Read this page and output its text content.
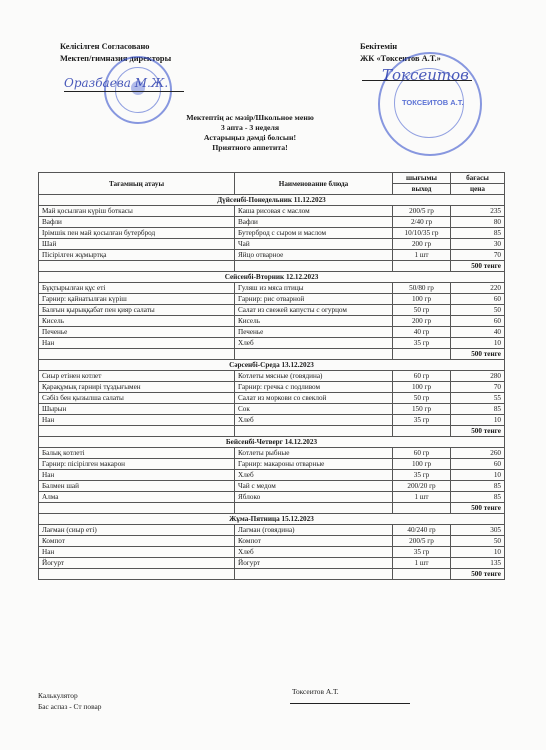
Келісілген Согласовано
Мектеп/гимназия директоры
Оразбаева М.Ж.
Бекітемін
ЖК «Токсеитов А.Т.»
ТОКСЕИТОВ А.Т.
Токсеитов
Мектептің ас мәзір/Школьное меню
3 апта - 3 неделя
Астарыңыз дәмді болсын!
Приятного аппетита!
Тағамның атауы	Наименование блюда	шығымы	бағасы
		выход	цена
Дүйсенбі-Понедельник 11.12.2023			
Май қосылған күріш боткасы	Каша рисовая с маслом	200/5 гр	235
Вафли	Вафли	2/40 гр	80
Ірімшік пен май қосылған бутерброд	Бутерброд с сыром и маслом	10/10/35 гр	85
Шай	Чай	200 гр	30
Пісірілген жұмыртқа	Яйцо отварное	1 шт	70
			500 тенге
Сейсенбі-Вторник 12.12.2023			
Бұқтырылған құс еті	Гуляш из мяса птицы	50/80 гр	220
Гарнир: қайнатылған күріш	Гарнир: рис отварной	100 гр	60
Балғын қырыққабат пен қияр салаты	Салат из свежей капусты с огурцом	50 гр	50
Кисель	Кисель	200 гр	60
Печенье	Печенье	40 гр	40
Нан	Хлеб	35 гр	10
			500 тенге
Сәрсенбі-Среда 13.12.2023			
Сиыр етінен котлет	Котлеты мясные (говядина)	60 гр	280
Қарақұмық гарнирі тұздығымен	Гарнир: гречка с подливом	100 гр	70
Сәбіз бен қызылша салаты	Салат из моркови со свеклой	50 гр	55
Шырын	Сок	150 гр	85
Нан	Хлеб	35 гр	10
			500 тенге
Бейсенбі-Четверг 14.12.2023			
Балық котлеті	Котлеты рыбные	60 гр	260
Гарнир: пісірілген макарон	Гарнир: макароны отварные	100 гр	60
Нан	Хлеб	35 гр	10
Балмен шай	Чай с медом	200/20 гр	85
Алма	Яблоко	1 шт	85
			500 тенге
Жұма-Пятница 15.12.2023			
Лағман (сиыр еті)	Лагман (говядина)	40/240 гр	305
Компот	Компот	200/5 гр	50
Нан	Хлеб	35 гр	10
Йогурт	Йогурт	1 шт	135
			500 тенге
Калькулятор
Бас аспаз - Ст повар
Токсеитов А.Т.
